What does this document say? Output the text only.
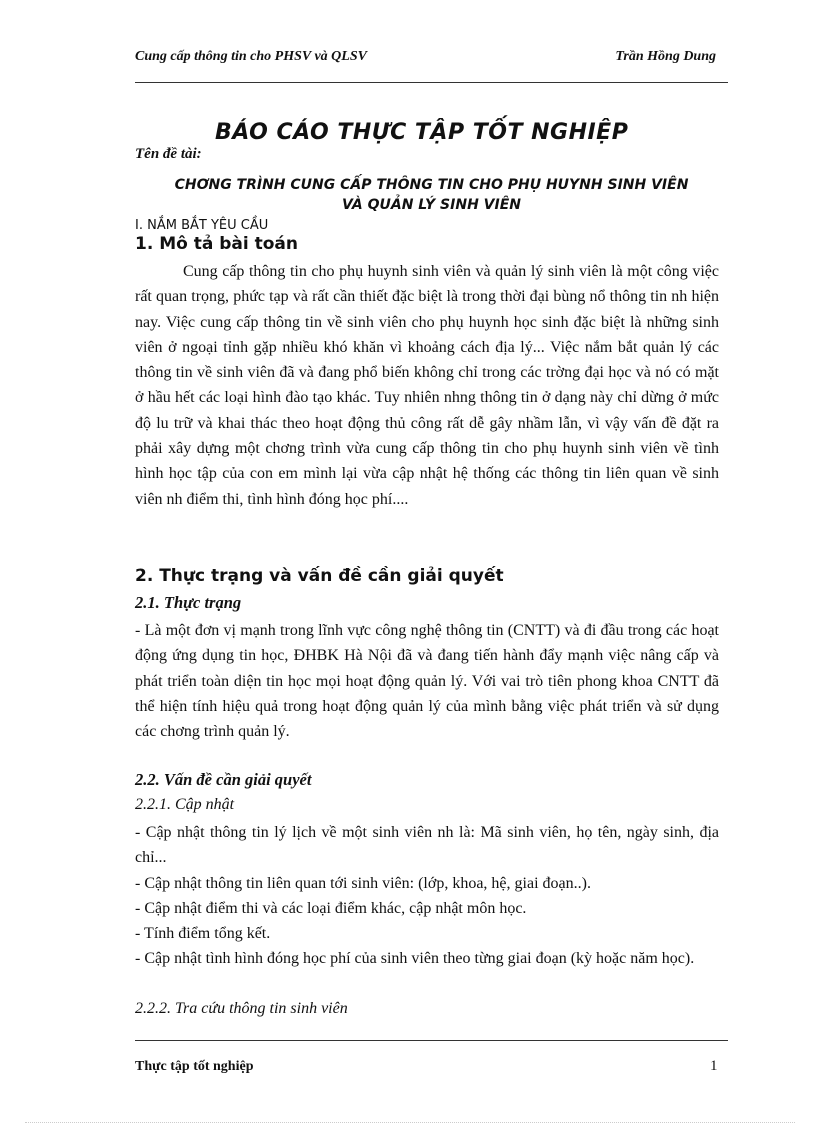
Cung cấp thông tin cho PHSV và QLSV	Trần Hồng Dung
BÁO CÁO THỰC TẬP TỐT NGHIỆP
Tên đề tài:
CHƠNG TRÌNH CUNG CẤP THÔNG TIN CHO PHỤ HUYNH SINH VIÊN
VÀ QUẢN LÝ SINH VIÊN
I. NẮM BẮT YÊU CẦU
1. Mô tả bài toán

Cung cấp thông tin cho phụ huynh sinh viên và quản lý sinh viên là một công việc rất quan trọng, phức tạp và rất cần thiết đặc biệt là trong thời đại bùng nổ thông tin nh hiện nay. Việc cung cấp thông tin về sinh viên cho phụ huynh học sinh đặc biệt là những sinh viên ở ngoại tỉnh gặp nhiều khó khăn vì khoảng cách địa lý... Việc nắm bắt quản lý các thông tin về sinh viên đã và đang phổ biến không chỉ trong các trờng đại học và nó có mặt ở hầu hết các loại hình đào tạo khác. Tuy nhiên nhng thông tin ở dạng này chỉ dừng ở mức độ lu trữ và khai thác theo hoạt động thủ công rất dễ gây nhầm lẫn, vì vậy vấn đề đặt ra phải xây dựng một chơng trình vừa cung cấp thông tin cho phụ huynh sinh viên về tình hình học tập của con em mình lại vừa cập nhật hệ thống các thông tin liên quan về sinh viên nh điểm thi, tình hình đóng học phí....

2. Thực trạng và vấn đề cần giải quyết
2.1. Thực trạng

- Là một đơn vị mạnh trong lĩnh vực công nghệ thông tin (CNTT) và đi đầu trong các hoạt động ứng dụng tin học, ĐHBK Hà Nội đã và đang tiến hành đẩy mạnh việc nâng cấp và phát triển toàn diện tin học mọi hoạt động quản lý. Với vai trò tiên phong khoa CNTT đã thể hiện tính hiệu quả trong hoạt động quản lý của mình bằng việc phát triển và sử dụng các chơng trình quản lý.

2.2. Vấn đề cần giải quyết
2.2.1. Cập nhật

- Cập nhật thông tin lý lịch về một sinh viên nh là: Mã sinh viên, họ tên, ngày sinh, địa chỉ...

- Cập nhật thông tin liên quan tới sinh viên: (lớp, khoa, hệ, giai đoạn..).

- Cập nhật điểm thi và các loại điểm khác, cập nhật môn học.

- Tính điểm tổng kết.

- Cập nhật tình hình đóng học phí của sinh viên theo từng giai đoạn (kỳ hoặc năm học).

2.2.2. Tra cứu thông tin sinh viên
Thực tập tốt nghiệp	1
